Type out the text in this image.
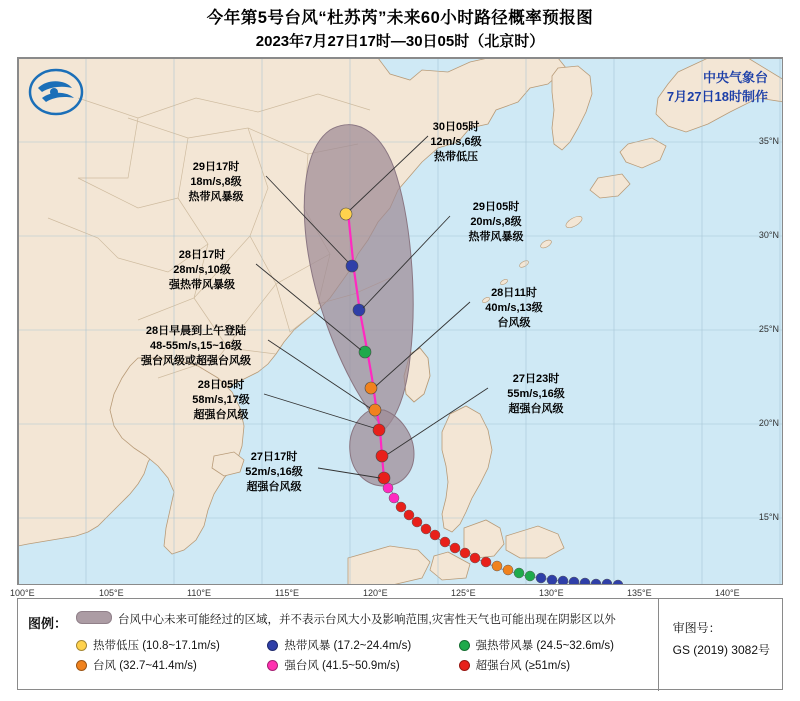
今年第5号台风“杜苏芮”未来60小时路径概率预报图
2023年7月27日17时—30日05时（北京时）
中央气象台
7月27日18时制作
35°N
30°N
25°N
20°N
15°N
30日05时
12m/s,6级
热带低压
29日17时
18m/s,8级
热带风暴级
29日05时
20m/s,8级
热带风暴级
28日17时
28m/s,10级
强热带风暴级
28日11时
40m/s,13级
台风级
28日早晨到上午登陆
48-55m/s,15~16级
强台风级或超强台风级
28日05时
58m/s,17级
超强台风级
27日23时
55m/s,16级
超强台风级
27日17时
52m/s,16级
超强台风级
100°E	105°E	110°E	115°E	120°E	125°E	130°E	135°E	140°E
图例：	台风中心未来可能经过的区域，并不表示台风大小及影响范围,灾害性天气也可能出现在阴影区以外
热带低压 (10.8~17.1m/s)	热带风暴 (17.2~24.4m/s)	强热带风暴 (24.5~32.6m/s)
台风 (32.7~41.4m/s)	强台风 (41.5~50.9m/s)	超强台风 (≥51m/s)
审图号：
GS (2019) 3082号
